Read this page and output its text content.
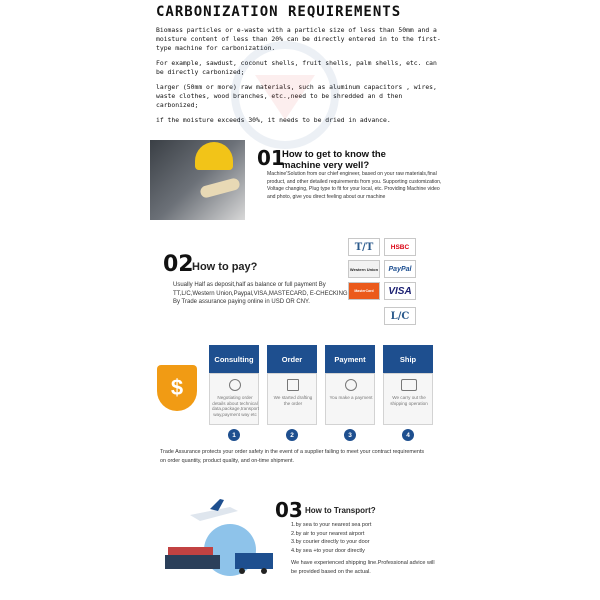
CARBONIZATION REQUIREMENTS
Biomass particles or e-waste with a particle size of less than 50mm and a moisture content of less than 20% can be directly entered in to the first-type machine for carbonization.
For example, sawdust, coconut shells, fruit shells, palm shells, etc. can be directly carbonized;
larger (50mm or more) raw materials, such as aluminum capacitors , wires, waste clothes, wood branches, etc.,need to be shredded an d then carbonized;
if the moisture exceeds 30%, it needs to be dried in advance.
01
How to get to know the machine very well?
Machine'Solution from our chief engineer, based on your raw materials,final product, and other detailed requirements from you. Supporting customization, Voltage changing, Plug type to fit for your local, etc. Providing Machine video and photo, give you direct feeling about our machine
02
How to pay?
Usually Half as deposit,half as balance or full payment By TT,L/C,Western Union,Paypal,VISA,MASTECARD, E-CHECKING By Trade assurance paying online in USD OR CNY.
T/T	HSBC
Western Union	PayPal
MasterCard	VISA
L/C
$
Consulting
Negotiating order details about technical data,package,transport way,payment way etc
Order
We started drafting the order
Payment
You make a payment
Ship
We carry out the shipping operation
1	2	3	4
Trade Assurance protects your order safety in the event of a supplier failing to meet your contract requirements on order quantity, product quality, and on-time shipment.
03 How to Transport?
1.by sea to your nearest sea port
2.by air to your nearest airport
3.by courier directly to your door
4.by sea +to your door directly
We have experienced shipping line.Professional advice will be provided based on the actual.
